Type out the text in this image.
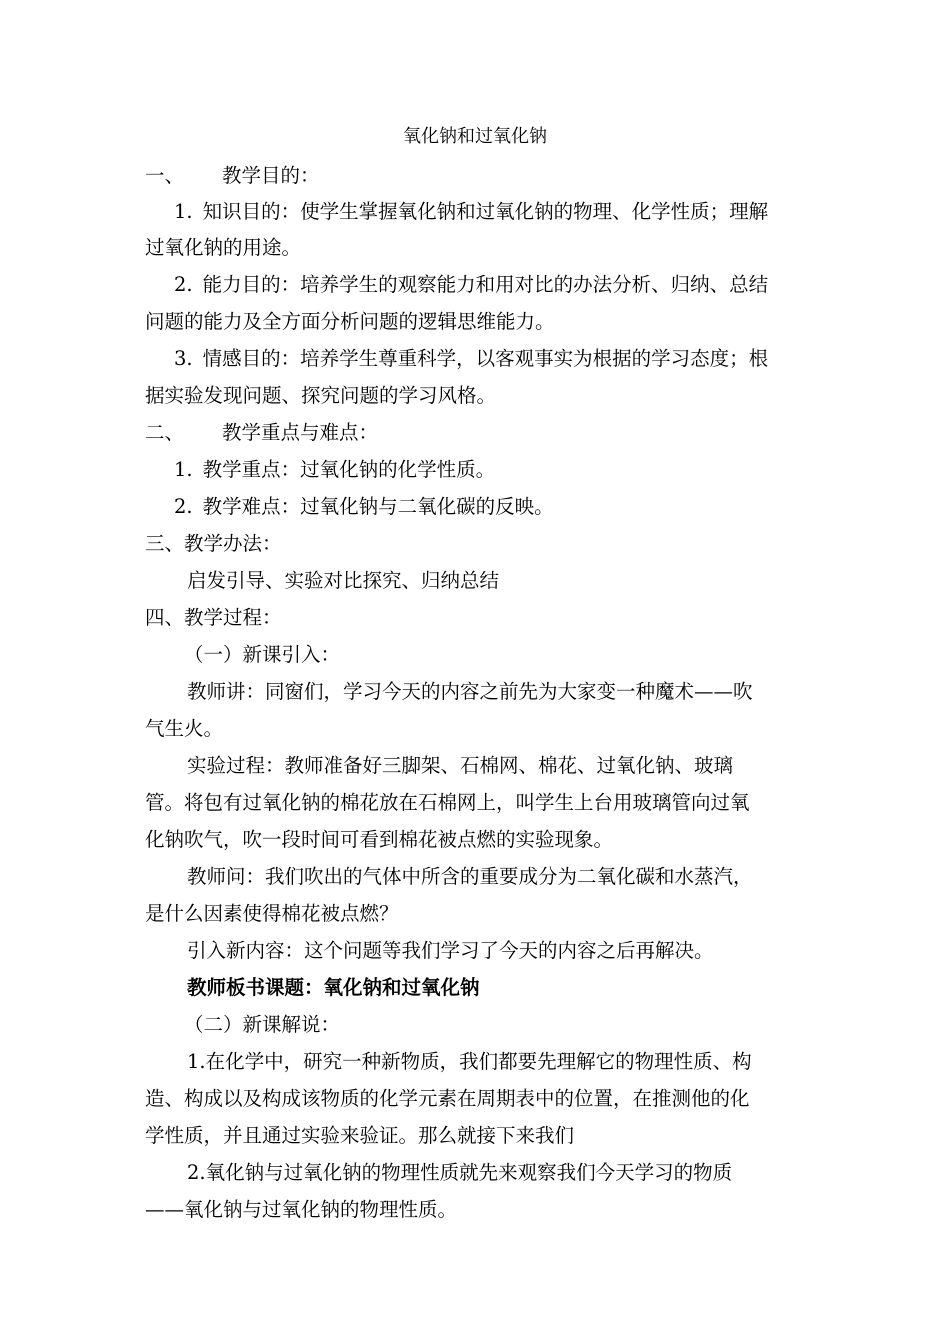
氧化钠和过氧化钠
一、 教学目的：
1. 知识目的：使学生掌握氧化钠和过氧化钠的物理、化学性质；理解
过氧化钠的用途。
2. 能力目的：培养学生的观察能力和用对比的办法分析、归纳、总结
问题的能力及全方面分析问题的逻辑思维能力。
3. 情感目的：培养学生尊重科学，以客观事实为根据的学习态度；根
据实验发现问题、探究问题的学习风格。
二、 教学重点与难点：
1. 教学重点：过氧化钠的化学性质。
2. 教学难点：过氧化钠与二氧化碳的反映。
三、教学办法：
启发引导、实验对比探究、归纳总结
四、教学过程：
（一）新课引入：
教师讲：同窗们，学习今天的内容之前先为大家变一种魔术——吹
气生火。
实验过程：教师准备好三脚架、石棉网、棉花、过氧化钠、玻璃
管。将包有过氧化钠的棉花放在石棉网上，叫学生上台用玻璃管向过氧
化钠吹气，吹一段时间可看到棉花被点燃的实验现象。
教师问：我们吹出的气体中所含的重要成分为二氧化碳和水蒸汽，
是什么因素使得棉花被点燃？
引入新内容：这个问题等我们学习了今天的内容之后再解决。
教师板书课题：氧化钠和过氧化钠
（二）新课解说：
1.在化学中，研究一种新物质，我们都要先理解它的物理性质、构
造、构成以及构成该物质的化学元素在周期表中的位置，在推测他的化
学性质，并且通过实验来验证。那么就接下来我们
2.氧化钠与过氧化钠的物理性质就先来观察我们今天学习的物质
——氧化钠与过氧化钠的物理性质。
